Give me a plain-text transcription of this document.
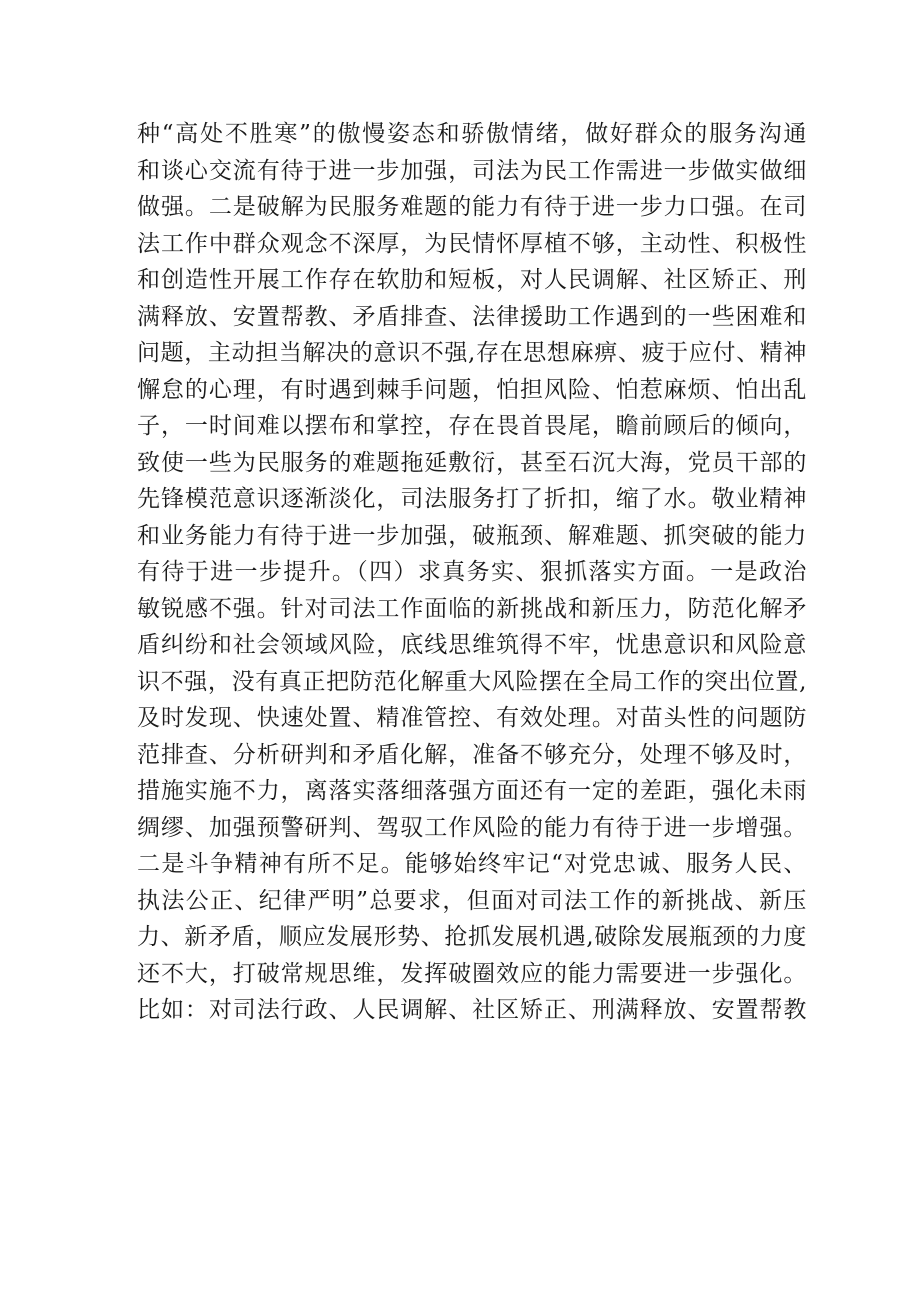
种“高处不胜寒”的傲慢姿态和骄傲情绪，做好群众的服务沟通
和谈心交流有待于进一步加强，司法为民工作需进一步做实做细
做强。二是破解为民服务难题的能力有待于进一步力口强。在司
法工作中群众观念不深厚，为民情怀厚植不够，主动性、积极性
和创造性开展工作存在软肋和短板，对人民调解、社区矫正、刑
满释放、安置帮教、矛盾排查、法律援助工作遇到的一些困难和
问题，主动担当解决的意识不强,存在思想麻痹、疲于应付、精神
懈怠的心理，有时遇到棘手问题，怕担风险、怕惹麻烦、怕出乱
子，一时间难以摆布和掌控，存在畏首畏尾，瞻前顾后的倾向，
致使一些为民服务的难题拖延敷衍，甚至石沉大海，党员干部的
先锋模范意识逐渐淡化，司法服务打了折扣，缩了水。敬业精神
和业务能力有待于进一步加强，破瓶颈、解难题、抓突破的能力
有待于进一步提升。（四）求真务实、狠抓落实方面。一是政治
敏锐感不强。针对司法工作面临的新挑战和新压力，防范化解矛
盾纠纷和社会领域风险，底线思维筑得不牢，忧患意识和风险意
识不强，没有真正把防范化解重大风险摆在全局工作的突出位置,
及时发现、快速处置、精准管控、有效处理。对苗头性的问题防
范排查、分析研判和矛盾化解，准备不够充分，处理不够及时，
措施实施不力，离落实落细落强方面还有一定的差距，强化未雨
绸缪、加强预警研判、驾驭工作风险的能力有待于进一步增强。
二是斗争精神有所不足。能够始终牢记“对党忠诚、服务人民、
执法公正、纪律严明”总要求，但面对司法工作的新挑战、新压
力、新矛盾，顺应发展形势、抢抓发展机遇,破除发展瓶颈的力度
还不大，打破常规思维，发挥破圈效应的能力需要进一步强化。
比如：对司法行政、人民调解、社区矫正、刑满释放、安置帮教
